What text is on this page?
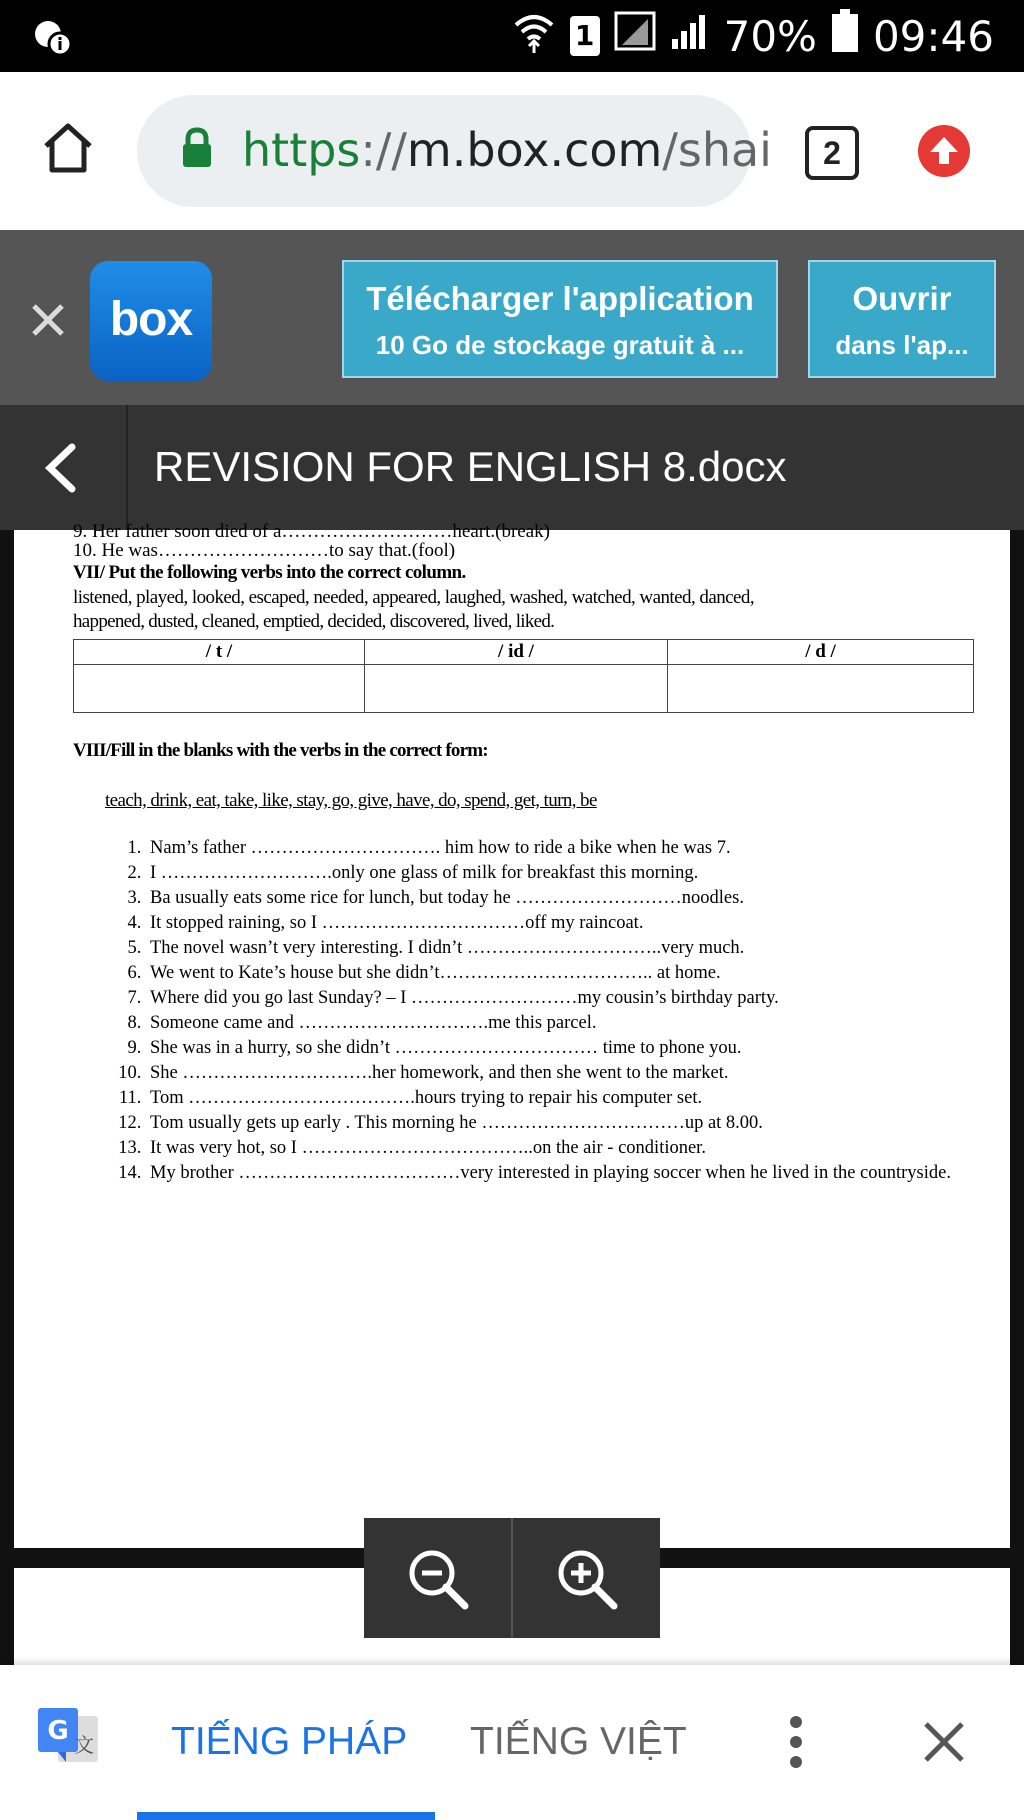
1	70% 09:46
https://m.box.com/shai	2
box	Télécharger l'application
10 Go de stockage gratuit à ...
Ouvrir
dans l'ap...
REVISION FOR ENGLISH 8.docx
9. Her father soon died of a………………………heart.(break)
10. He was………………………to say that.(fool)
VII/ Put the following verbs into the correct column.
listened, played, looked, escaped, needed, appeared, laughed, washed, watched, wanted, danced,
happened, dusted, cleaned, emptied, decided, discovered, lived, liked.
/ t /	/ id /	/ d /

VIII/Fill in the blanks with the verbs in the correct form:
teach, drink, eat, take, like, stay, go, give, have, do, spend, get, turn, be
1. Nam’s father …………………………. him how to ride a bike when he was 7.
2. I ……………………….only one glass of milk for breakfast this morning.
3. Ba usually eats some rice for lunch, but today he ………………………noodles.
4. It stopped raining, so I ……………………………off my raincoat.
5. The novel wasn’t very interesting. I didn’t …………………………..very much.
6. We went to Kate’s house but she didn’t…………………………….. at home.
7. Where did you go last Sunday? – I ………………………my cousin’s birthday party.
8. Someone came and ………………………….me this parcel.
9. She was in a hurry, so she didn’t …………………………… time to phone you.
10. She ………………………….her homework, and then she went to the market.
11. Tom ……………………………….hours trying to repair his computer set.
12. Tom usually gets up early . This morning he ……………………………up at 8.00.
13. It was very hot, so I ………………………………..on the air - conditioner.
14. My brother ………………………………very interested in playing soccer when he lived in the countryside.
G 文 TIẾNG PHÁP TIẾNG VIỆT
